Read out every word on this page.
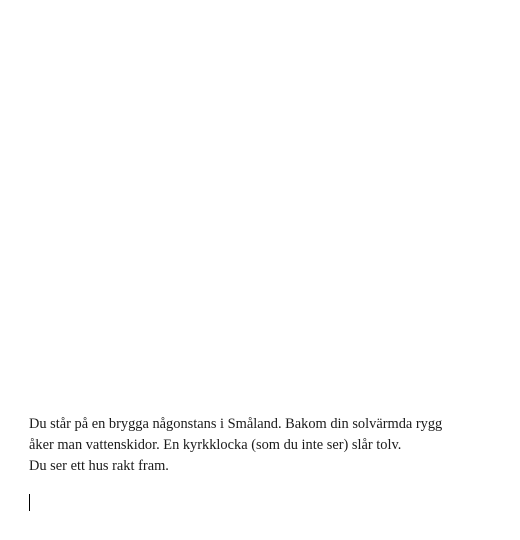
Du står på en brygga någonstans i Småland. Bakom din solvärmda rygg
åker man vattenskidor. En kyrkklocka (som du inte ser) slår tolv.
Du ser ett hus rakt fram.
